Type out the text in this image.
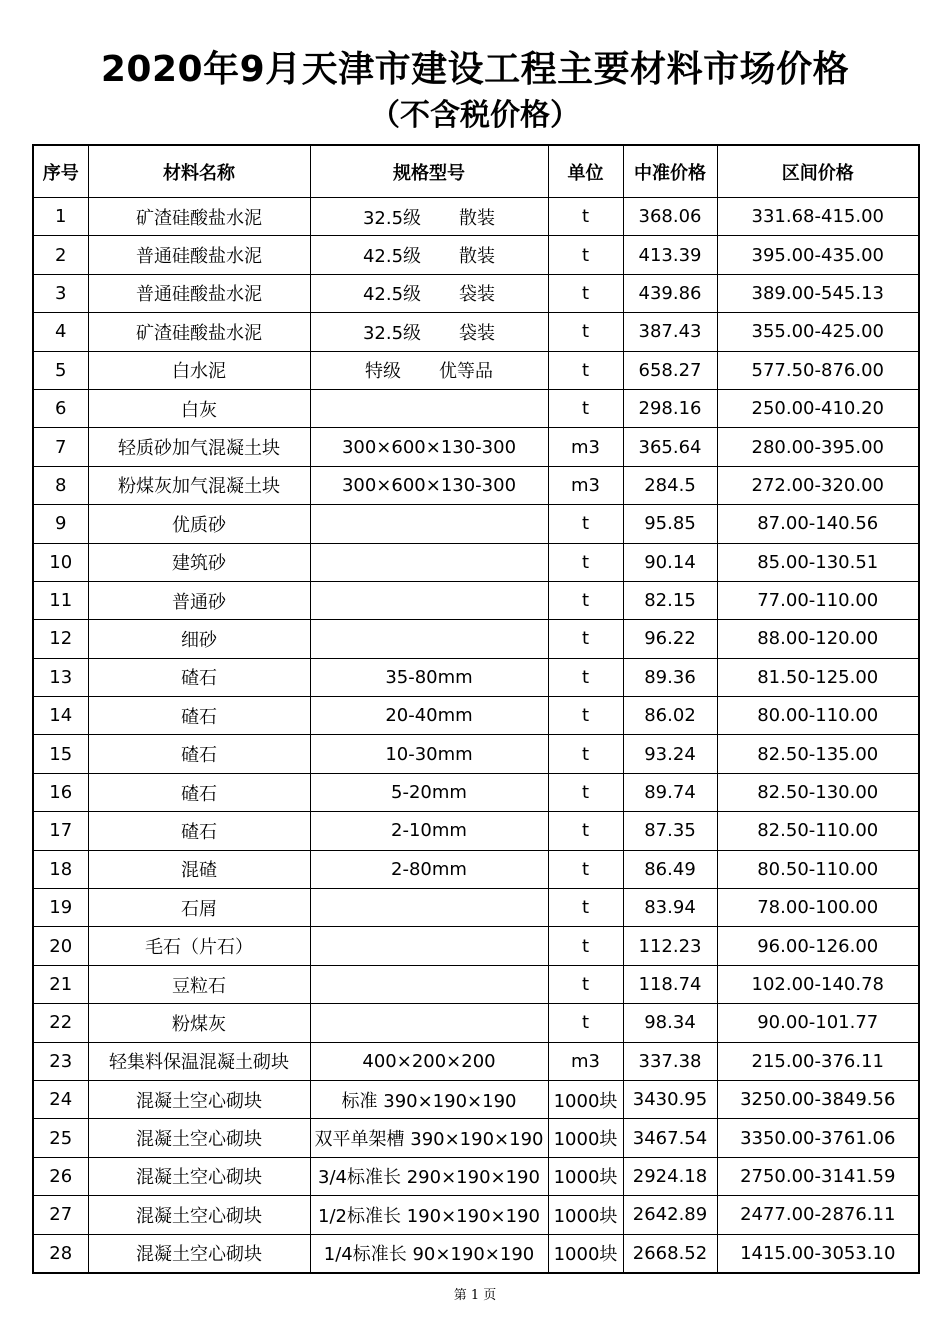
2020年9月天津市建设工程主要材料市场价格
（不含税价格）
序号	材料名称	规格型号	单位	中准价格	区间价格
1	矿渣硅酸盐水泥	32.5级 散装	t	368.06	331.68-415.00
2	普通硅酸盐水泥	42.5级 散装	t	413.39	395.00-435.00
3	普通硅酸盐水泥	42.5级 袋装	t	439.86	389.00-545.13
4	矿渣硅酸盐水泥	32.5级 袋装	t	387.43	355.00-425.00
5	白水泥	特级 优等品	t	658.27	577.50-876.00
6	白灰		t	298.16	250.00-410.20
7	轻质砂加气混凝土块	300×600×130-300	m3	365.64	280.00-395.00
8	粉煤灰加气混凝土块	300×600×130-300	m3	284.5	272.00-320.00
9	优质砂		t	95.85	87.00-140.56
10	建筑砂		t	90.14	85.00-130.51
11	普通砂		t	82.15	77.00-110.00
12	细砂		t	96.22	88.00-120.00
13	碴石	35-80mm	t	89.36	81.50-125.00
14	碴石	20-40mm	t	86.02	80.00-110.00
15	碴石	10-30mm	t	93.24	82.50-135.00
16	碴石	5-20mm	t	89.74	82.50-130.00
17	碴石	2-10mm	t	87.35	82.50-110.00
18	混碴	2-80mm	t	86.49	80.50-110.00
19	石屑		t	83.94	78.00-100.00
20	毛石（片石）		t	112.23	96.00-126.00
21	豆粒石		t	118.74	102.00-140.78
22	粉煤灰		t	98.34	90.00-101.77
23	轻集料保温混凝土砌块	400×200×200	m3	337.38	215.00-376.11
24	混凝土空心砌块	标准 390×190×190	1000块	3430.95	3250.00-3849.56
25	混凝土空心砌块	双平单架槽 390×190×190	1000块	3467.54	3350.00-3761.06
26	混凝土空心砌块	3/4标准长 290×190×190	1000块	2924.18	2750.00-3141.59
27	混凝土空心砌块	1/2标准长 190×190×190	1000块	2642.89	2477.00-2876.11
28	混凝土空心砌块	1/4标准长 90×190×190	1000块	2668.52	1415.00-3053.10
第 1 页
